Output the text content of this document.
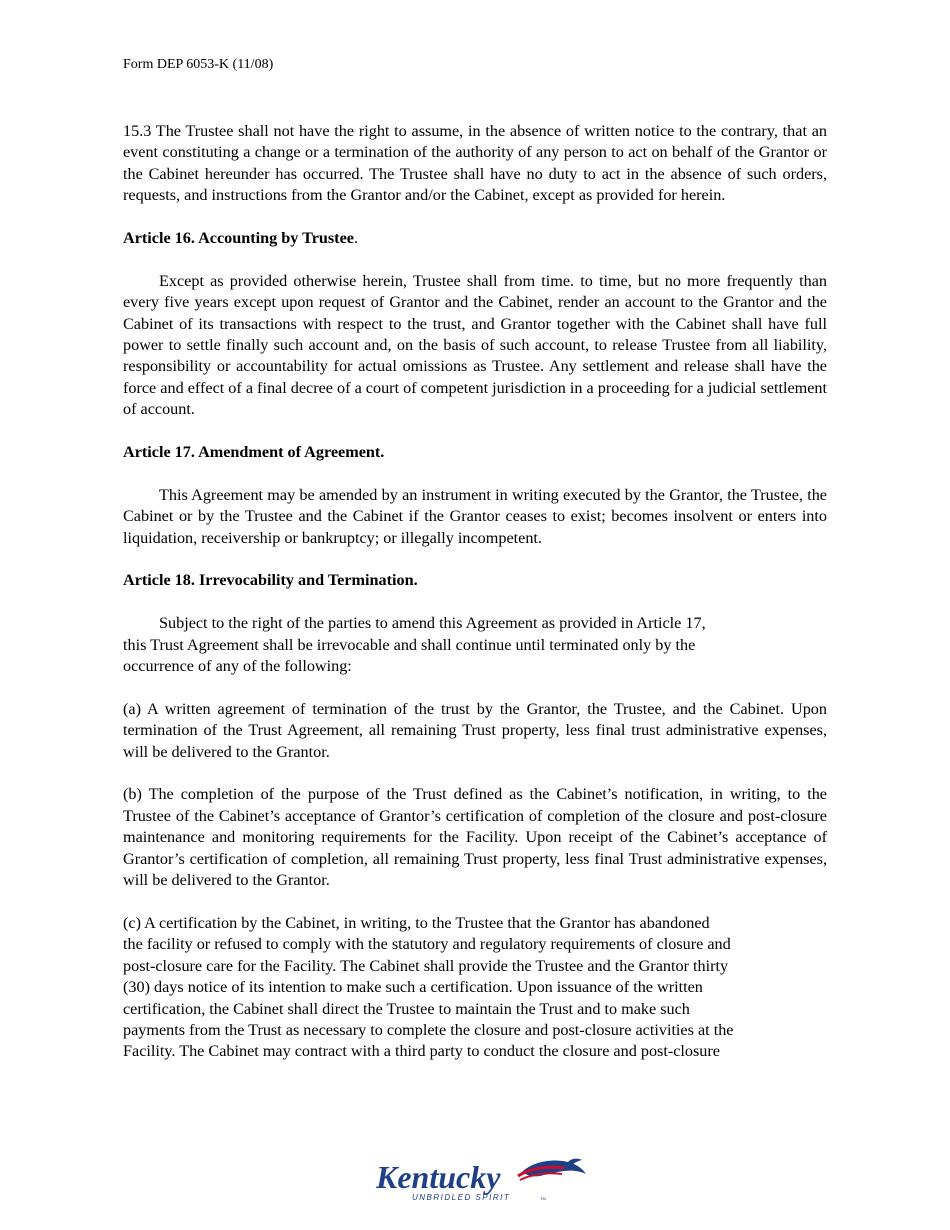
Form DEP 6053-K (11/08)

15.3 The Trustee shall not have the right to assume, in the absence of written notice to the contrary, that an event constituting a change or a termination of the authority of any person to act on behalf of the Grantor or the Cabinet hereunder has occurred. The Trustee shall have no duty to act in the absence of such orders, requests, and instructions from the Grantor and/or the Cabinet, except as provided for herein.

Article 16. Accounting by Trustee.

Except as provided otherwise herein, Trustee shall from time. to time, but no more frequently than every five years except upon request of Grantor and the Cabinet, render an account to the Grantor and the Cabinet of its transactions with respect to the trust, and Grantor together with the Cabinet shall have full power to settle finally such account and, on the basis of such account, to release Trustee from all liability, responsibility or accountability for actual omissions as Trustee. Any settlement and release shall have the force and effect of a final decree of a court of competent jurisdiction in a proceeding for a judicial settlement of account.

Article 17. Amendment of Agreement.

This Agreement may be amended by an instrument in writing executed by the Grantor, the Trustee, the Cabinet or by the Trustee and the Cabinet if the Grantor ceases to exist; becomes insolvent or enters into liquidation, receivership or bankruptcy; or illegally incompetent.

Article 18. Irrevocability and Termination.

Subject to the right of the parties to amend this Agreement as provided in Article 17,
this Trust Agreement shall be irrevocable and shall continue until terminated only by the
occurrence of any of the following:

(a) A written agreement of termination of the trust by the Grantor, the Trustee, and the Cabinet. Upon termination of the Trust Agreement, all remaining Trust property, less final trust administrative expenses, will be delivered to the Grantor.

(b) The completion of the purpose of the Trust defined as the Cabinet’s notification, in writing, to the Trustee of the Cabinet’s acceptance of Grantor’s certification of completion of the closure and post-closure maintenance and monitoring requirements for the Facility. Upon receipt of the Cabinet’s acceptance of Grantor’s certification of completion, all remaining Trust property, less final Trust administrative expenses, will be delivered to the Grantor.

(c) A certification by the Cabinet, in writing, to the Trustee that the Grantor has abandoned
the facility or refused to comply with the statutory and regulatory requirements of closure and
post-closure care for the Facility. The Cabinet shall provide the Trustee and the Grantor thirty
(30) days notice of its intention to make such a certification. Upon issuance of the written
certification, the Cabinet shall direct the Trustee to maintain the Trust and to make such
payments from the Trust as necessary to complete the closure and post-closure activities at the
Facility. The Cabinet may contract with a third party to conduct the closure and post-closure

Kentucky
UNBRIDLED SPIRIT	TM
